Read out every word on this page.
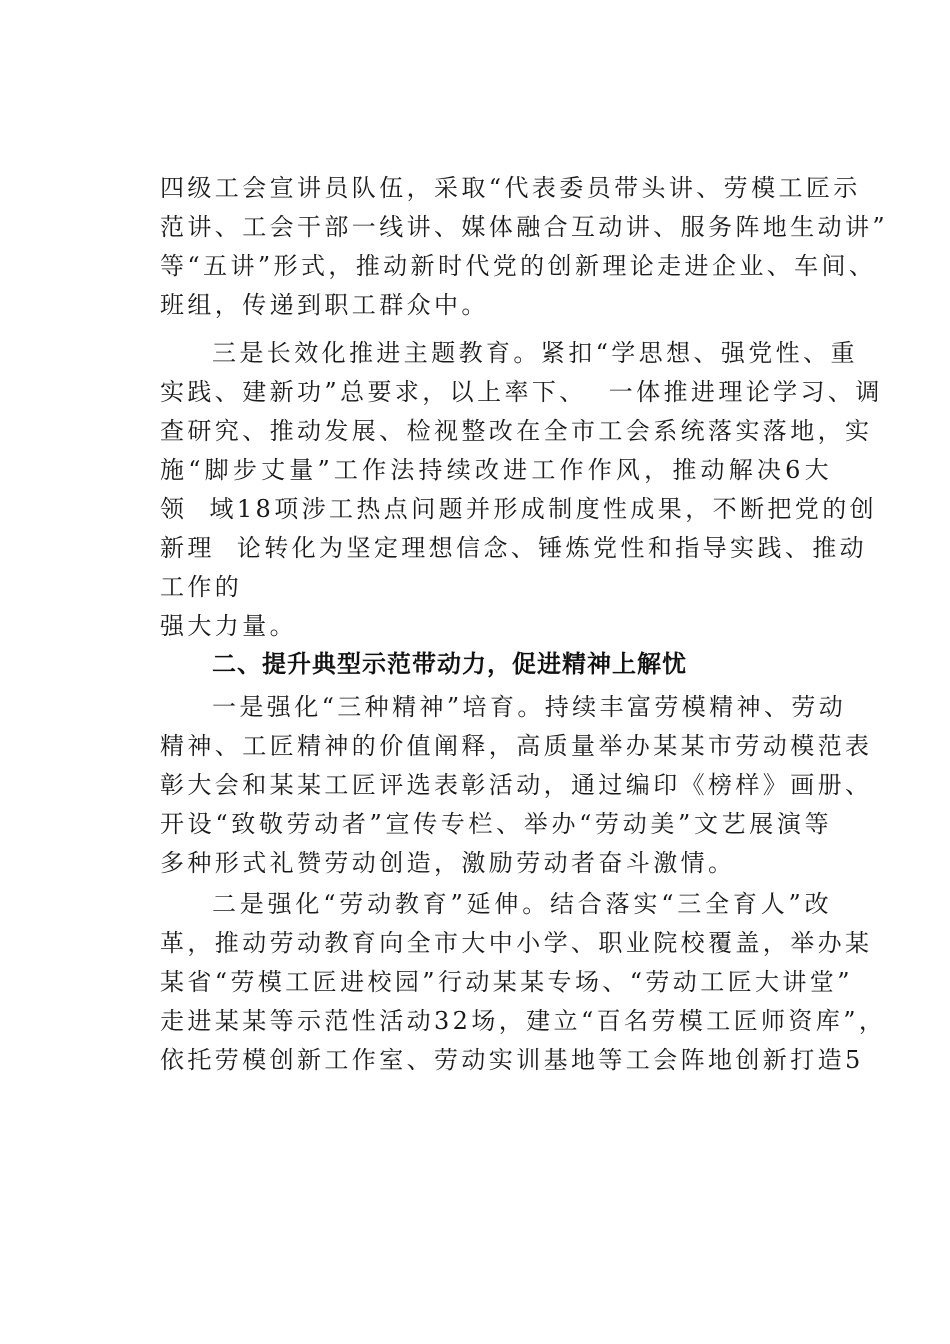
四级工会宣讲员队伍，采取“代表委员带头讲、劳模工匠示
范讲、工会干部一线讲、媒体融合互动讲、服务阵地生动讲”
等“五讲”形式，推动新时代党的创新理论走进企业、车间、
班组，传递到职工群众中。
三是长效化推进主题教育。紧扣“学思想、强党性、重
实践、建新功”总要求，以上率下、  一体推进理论学习、调
查研究、推动发展、检视整改在全市工会系统落实落地，实
施“脚步丈量”工作法持续改进工作作风，推动解决6大
领  域18项涉工热点问题并形成制度性成果，不断把党的创
新理  论转化为坚定理想信念、锤炼党性和指导实践、推动
工作的
强大力量。
二、提升典型示范带动力，促进精神上解忧
一是强化“三种精神”培育。持续丰富劳模精神、劳动
精神、工匠精神的价值阐释，高质量举办某某市劳动模范表
彰大会和某某工匠评选表彰活动，通过编印《榜样》画册、
开设“致敬劳动者”宣传专栏、举办“劳动美”文艺展演等
多种形式礼赞劳动创造，激励劳动者奋斗激情。
二是强化“劳动教育”延伸。结合落实“三全育人”改
革，推动劳动教育向全市大中小学、职业院校覆盖，举办某
某省“劳模工匠进校园”行动某某专场、“劳动工匠大讲堂”
走进某某等示范性活动32场，建立“百名劳模工匠师资库”，
依托劳模创新工作室、劳动实训基地等工会阵地创新打造5
